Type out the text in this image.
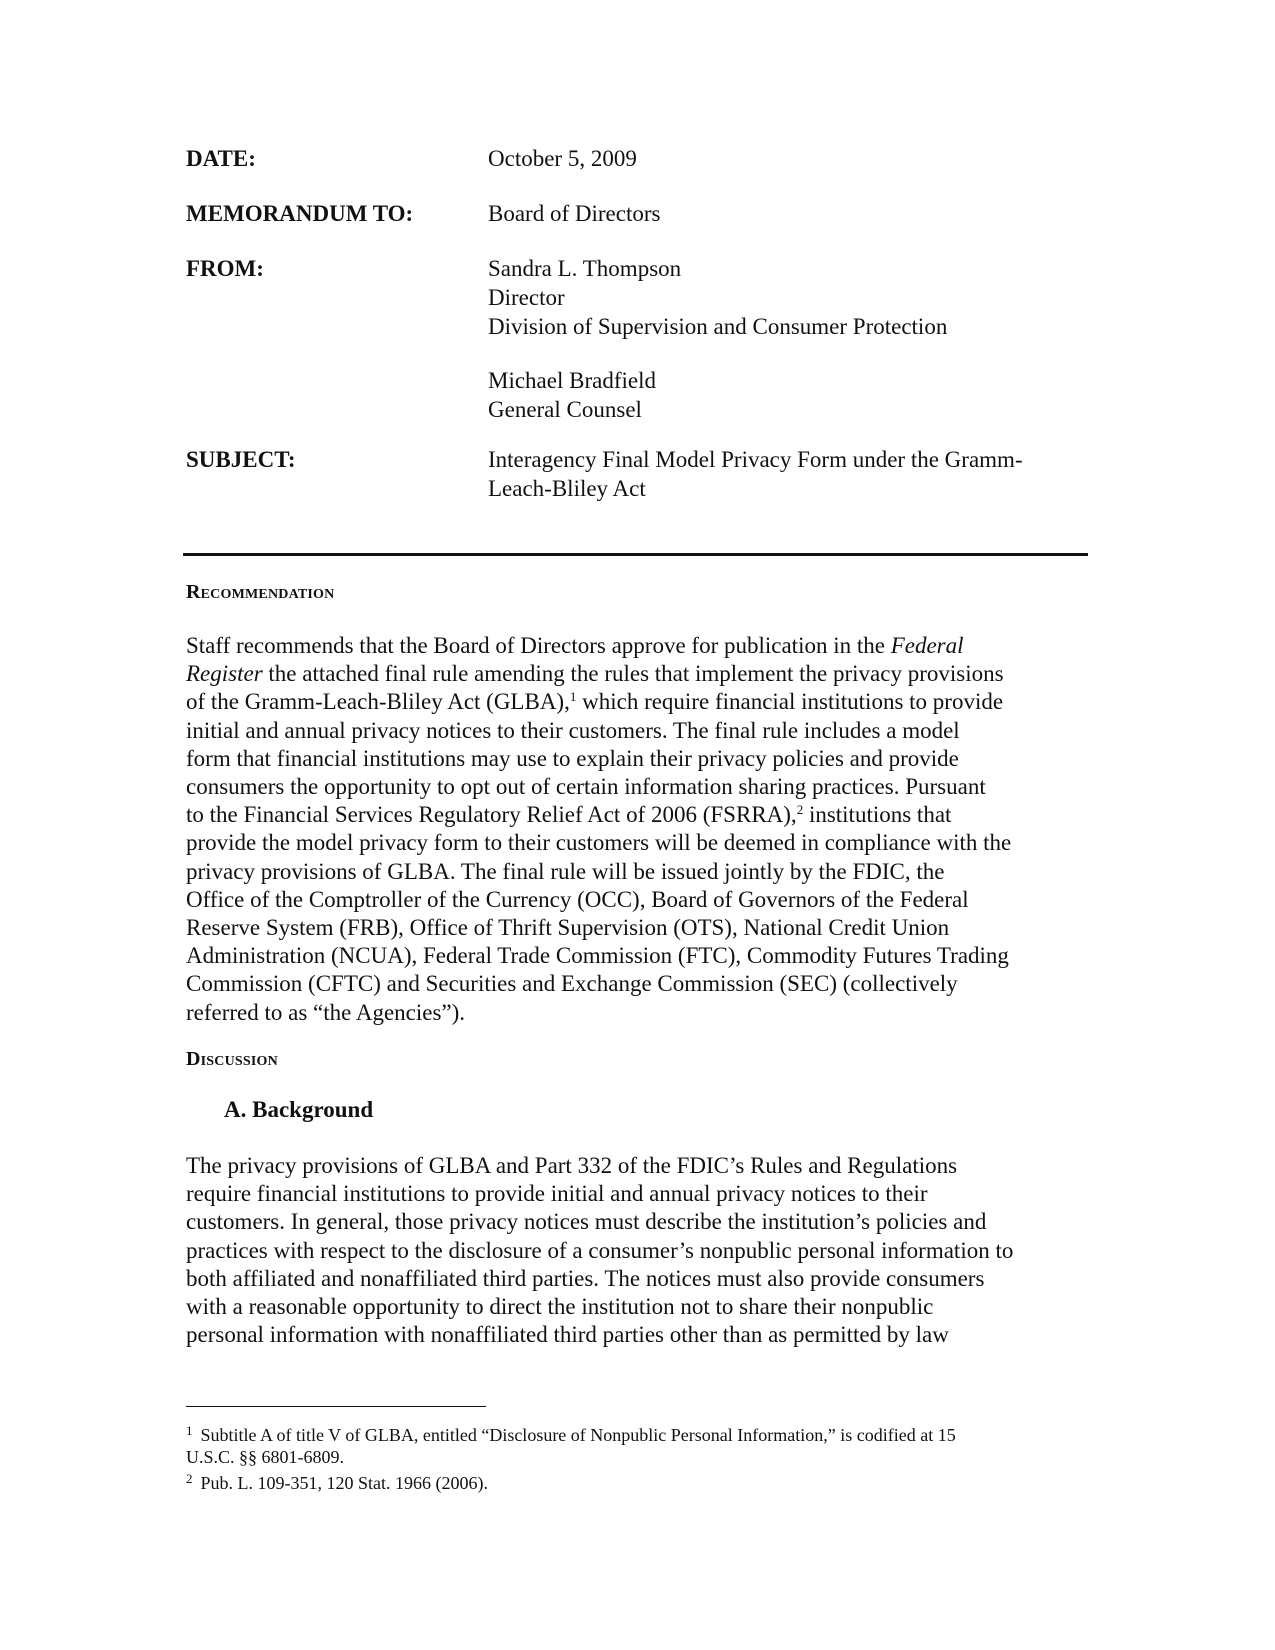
DATE:	October 5, 2009
MEMORANDUM TO:	Board of Directors
FROM:	Sandra L. Thompson
Director
Division of Supervision and Consumer Protection
Michael Bradfield
General Counsel
SUBJECT:	Interagency Final Model Privacy Form under the Gramm-
Leach-Bliley Act
Recommendation
Staff recommends that the Board of Directors approve for publication in the Federal
Register the attached final rule amending the rules that implement the privacy provisions
of the Gramm-Leach-Bliley Act (GLBA),$^1$ which require financial institutions to provide
initial and annual privacy notices to their customers. The final rule includes a model
form that financial institutions may use to explain their privacy policies and provide
consumers the opportunity to opt out of certain information sharing practices. Pursuant
to the Financial Services Regulatory Relief Act of 2006 (FSRRA),$^2$ institutions that
provide the model privacy form to their customers will be deemed in compliance with the
privacy provisions of GLBA. The final rule will be issued jointly by the FDIC, the
Office of the Comptroller of the Currency (OCC), Board of Governors of the Federal
Reserve System (FRB), Office of Thrift Supervision (OTS), National Credit Union
Administration (NCUA), Federal Trade Commission (FTC), Commodity Futures Trading
Commission (CFTC) and Securities and Exchange Commission (SEC) (collectively
referred to as “the Agencies”).
Discussion
A. Background
The privacy provisions of GLBA and Part 332 of the FDIC’s Rules and Regulations
require financial institutions to provide initial and annual privacy notices to their
customers. In general, those privacy notices must describe the institution’s policies and
practices with respect to the disclosure of a consumer’s nonpublic personal information to
both affiliated and nonaffiliated third parties. The notices must also provide consumers
with a reasonable opportunity to direct the institution not to share their nonpublic
personal information with nonaffiliated third parties other than as permitted by law
$^1$ Subtitle A of title V of GLBA, entitled “Disclosure of Nonpublic Personal Information,” is codified at 15
U.S.C. §§ 6801-6809.
$^2$ Pub. L. 109-351, 120 Stat. 1966 (2006).
